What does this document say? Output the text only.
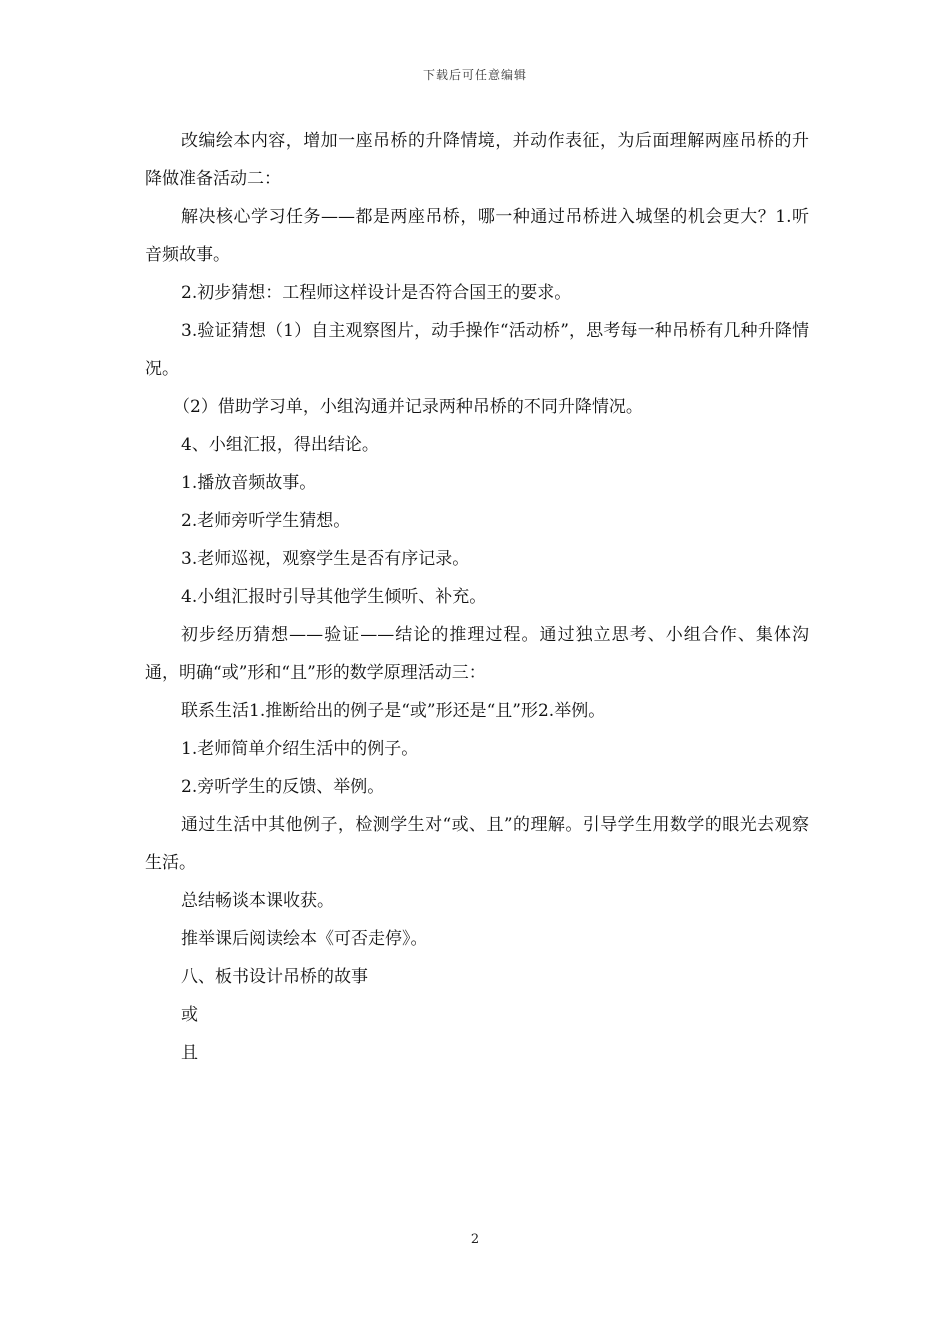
下载后可任意编辑

改编绘本内容，增加一座吊桥的升降情境，并动作表征，为后面理解两座吊桥的升降做准备活动二：

解决核心学习任务——都是两座吊桥，哪一种通过吊桥进入城堡的机会更大？1.听音频故事。

2.初步猜想：工程师这样设计是否符合国王的要求。

3.验证猜想（1）自主观察图片，动手操作“活动桥”，思考每一种吊桥有几种升降情况。

（2）借助学习单，小组沟通并记录两种吊桥的不同升降情况。

4、小组汇报，得出结论。

1.播放音频故事。

2.老师旁听学生猜想。

3.老师巡视，观察学生是否有序记录。

4.小组汇报时引导其他学生倾听、补充。

初步经历猜想——验证——结论的推理过程。通过独立思考、小组合作、集体沟通，明确“或”形和“且”形的数学原理活动三：

联系生活1.推断给出的例子是“或”形还是“且”形2.举例。

1.老师简单介绍生活中的例子。

2.旁听学生的反馈、举例。

通过生活中其他例子，检测学生对“或、且”的理解。引导学生用数学的眼光去观察生活。

总结畅谈本课收获。

推举课后阅读绘本《可否走停》。

八、板书设计吊桥的故事

或

且

2
